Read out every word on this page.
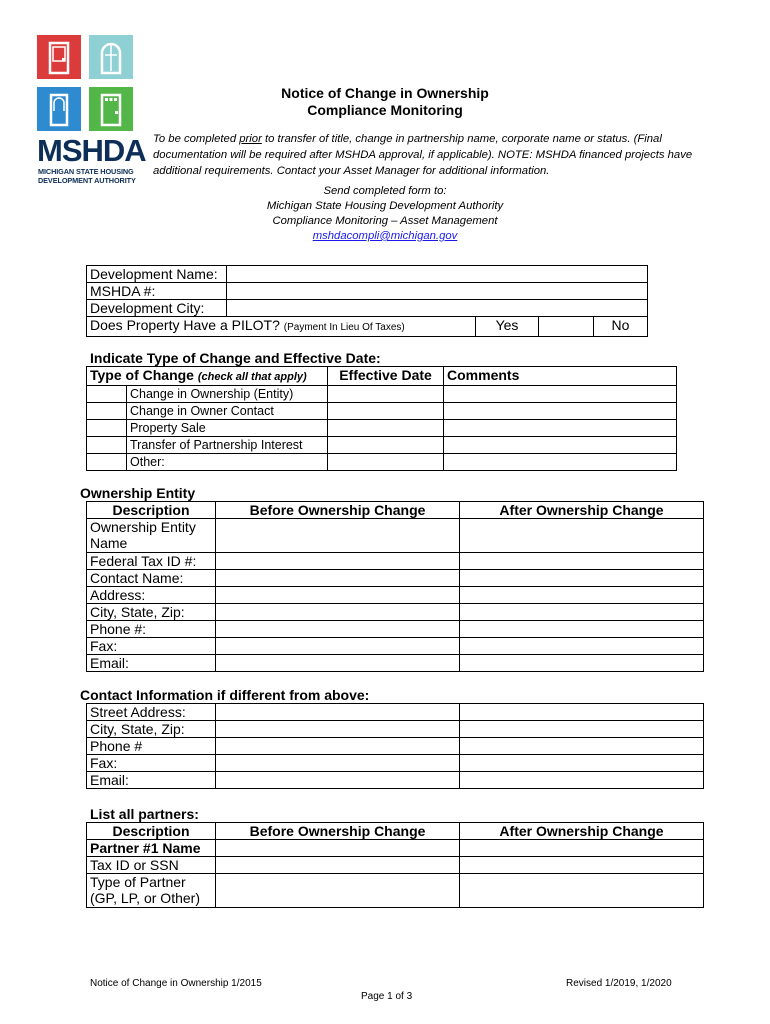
MSHDA
MICHIGAN STATE HOUSING
DEVELOPMENT AUTHORITY
Notice of Change in Ownership
Compliance Monitoring
To be completed prior to transfer of title, change in partnership name, corporate name or status. (Final documentation will be required after MSHDA approval, if applicable). NOTE: MSHDA financed projects have additional requirements. Contact your Asset Manager for additional information.
Send completed form to:
Michigan State Housing Development Authority
Compliance Monitoring – Asset Management
mshdacompli@michigan.gov
Development Name:				
MSHDA #:				
Development City:				
Does Property Have a PILOT? (Payment In Lieu Of Taxes)		Yes		No
Indicate Type of Change and Effective Date:
Type of Change (check all that apply)		Effective Date	Comments
	Change in Ownership (Entity)		
	Change in Owner Contact		
	Property Sale		
	Transfer of Partnership Interest		
	Other:		
Ownership Entity
Description	Before Ownership Change	After Ownership Change
Ownership Entity Name		
Federal Tax ID #:		
Contact Name:		
Address:		
City, State, Zip:		
Phone #:		
Fax:		
Email:		
Contact Information if different from above:
Street Address:		
City, State, Zip:		
Phone #		
Fax:		
Email:		
List all partners:
Description	Before Ownership Change	After Ownership Change
Partner #1 Name		
Tax ID or SSN		

Type of Partner
(GP, LP, or Other)		

Notice of Change in Ownership 1/2015	Revised 1/2019, 1/2020
Page 1 of 3
